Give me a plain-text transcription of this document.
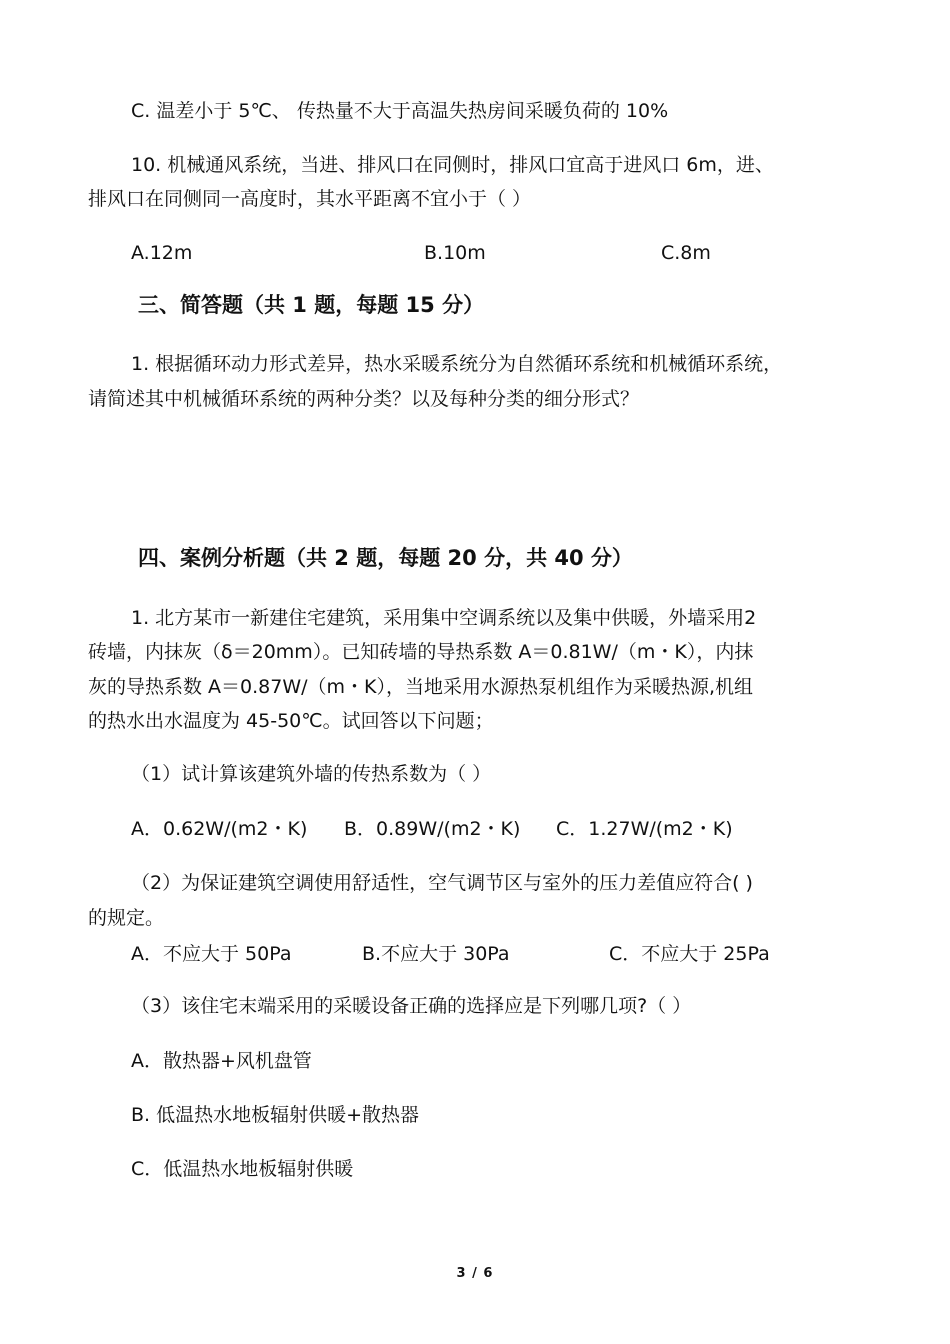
C. 温差小于 5℃、 传热量不大于高温失热房间采暖负荷的 10%
10. 机械通风系统，当进、排风口在同侧时，排风口宜高于进风口 6m，进、
排风口在同侧同一高度时，其水平距离不宜小于（ ）
A.12m	B.10m	C.8m
三、简答题（共 1 题，每题 15 分）
1. 根据循环动力形式差异，热水采暖系统分为自然循环系统和机械循环系统，
请简述其中机械循环系统的两种分类？以及每种分类的细分形式？
四、案例分析题（共 2 题，每题 20 分，共 40 分）
1. 北方某市一新建住宅建筑，采用集中空调系统以及集中供暖，外墙采用2
砖墙，内抹灰（δ＝20mm）。已知砖墙的导热系数 A＝0.81W/（m・K），内抹
灰的导热系数 A＝0.87W/（m・K），当地采用水源热泵机组作为采暖热源,机组
的热水出水温度为 45-50℃。试回答以下问题；
（1）试计算该建筑外墙的传热系数为（ ）
A．0.62W/(m2・K) B．0.89W/(m2・K) C．1.27W/(m2・K)
（2）为保证建筑空调使用舒适性，空气调节区与室外的压力差值应符合( )
的规定。
A．不应大于 50Pa	B.不应大于 30Pa	C．不应大于 25Pa
（3）该住宅末端采用的采暖设备正确的选择应是下列哪几项?（ ）
A．散热器+风机盘管
B. 低温热水地板辐射供暖+散热器
C．低温热水地板辐射供暖
3 / 6
